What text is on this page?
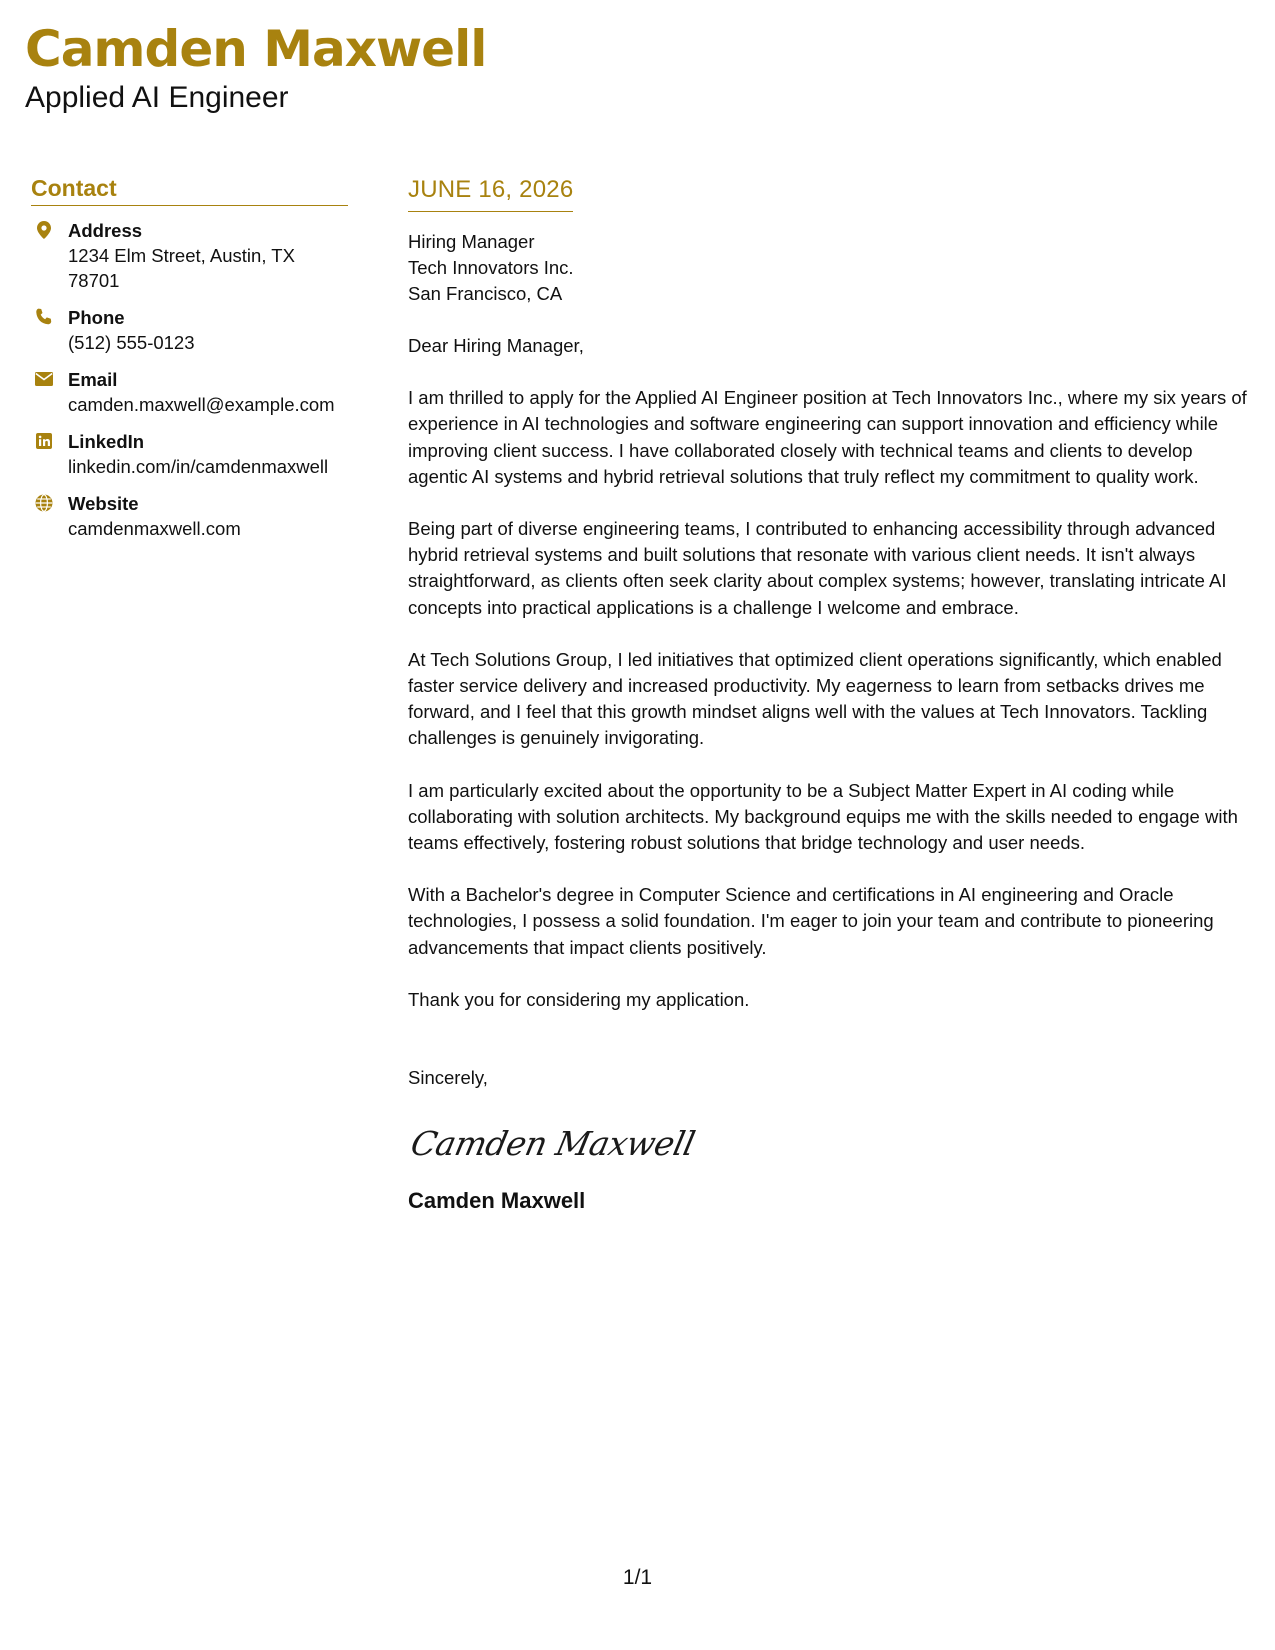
Camden Maxwell
Applied AI Engineer
Contact
Address
1234 Elm Street, Austin, TX 78701
Phone
(512) 555-0123
Email
camden.maxwell@example.com
LinkedIn
linkedin.com/in/camdenmaxwell
Website
camdenmaxwell.com
JUNE 16, 2026
Hiring Manager
Tech Innovators Inc.
San Francisco, CA
Dear Hiring Manager,

I am thrilled to apply for the Applied AI Engineer position at Tech Innovators Inc., where my six years of experience in AI technologies and software engineering can support innovation and efficiency while improving client success. I have collaborated closely with technical teams and clients to develop agentic AI systems and hybrid retrieval solutions that truly reflect my commitment to quality work.

Being part of diverse engineering teams, I contributed to enhancing accessibility through advanced hybrid retrieval systems and built solutions that resonate with various client needs. It isn't always straightforward, as clients often seek clarity about complex systems; however, translating intricate AI concepts into practical applications is a challenge I welcome and embrace.

At Tech Solutions Group, I led initiatives that optimized client operations significantly, which enabled faster service delivery and increased productivity. My eagerness to learn from setbacks drives me forward, and I feel that this growth mindset aligns well with the values at Tech Innovators. Tackling challenges is genuinely invigorating.

I am particularly excited about the opportunity to be a Subject Matter Expert in AI coding while collaborating with solution architects. My background equips me with the skills needed to engage with teams effectively, fostering robust solutions that bridge technology and user needs.

With a Bachelor's degree in Computer Science and certifications in AI engineering and Oracle technologies, I possess a solid foundation. I'm eager to join your team and contribute to pioneering advancements that impact clients positively.

Thank you for considering my application.

Sincerely,
Camden Maxwell
Camden Maxwell
1/1
